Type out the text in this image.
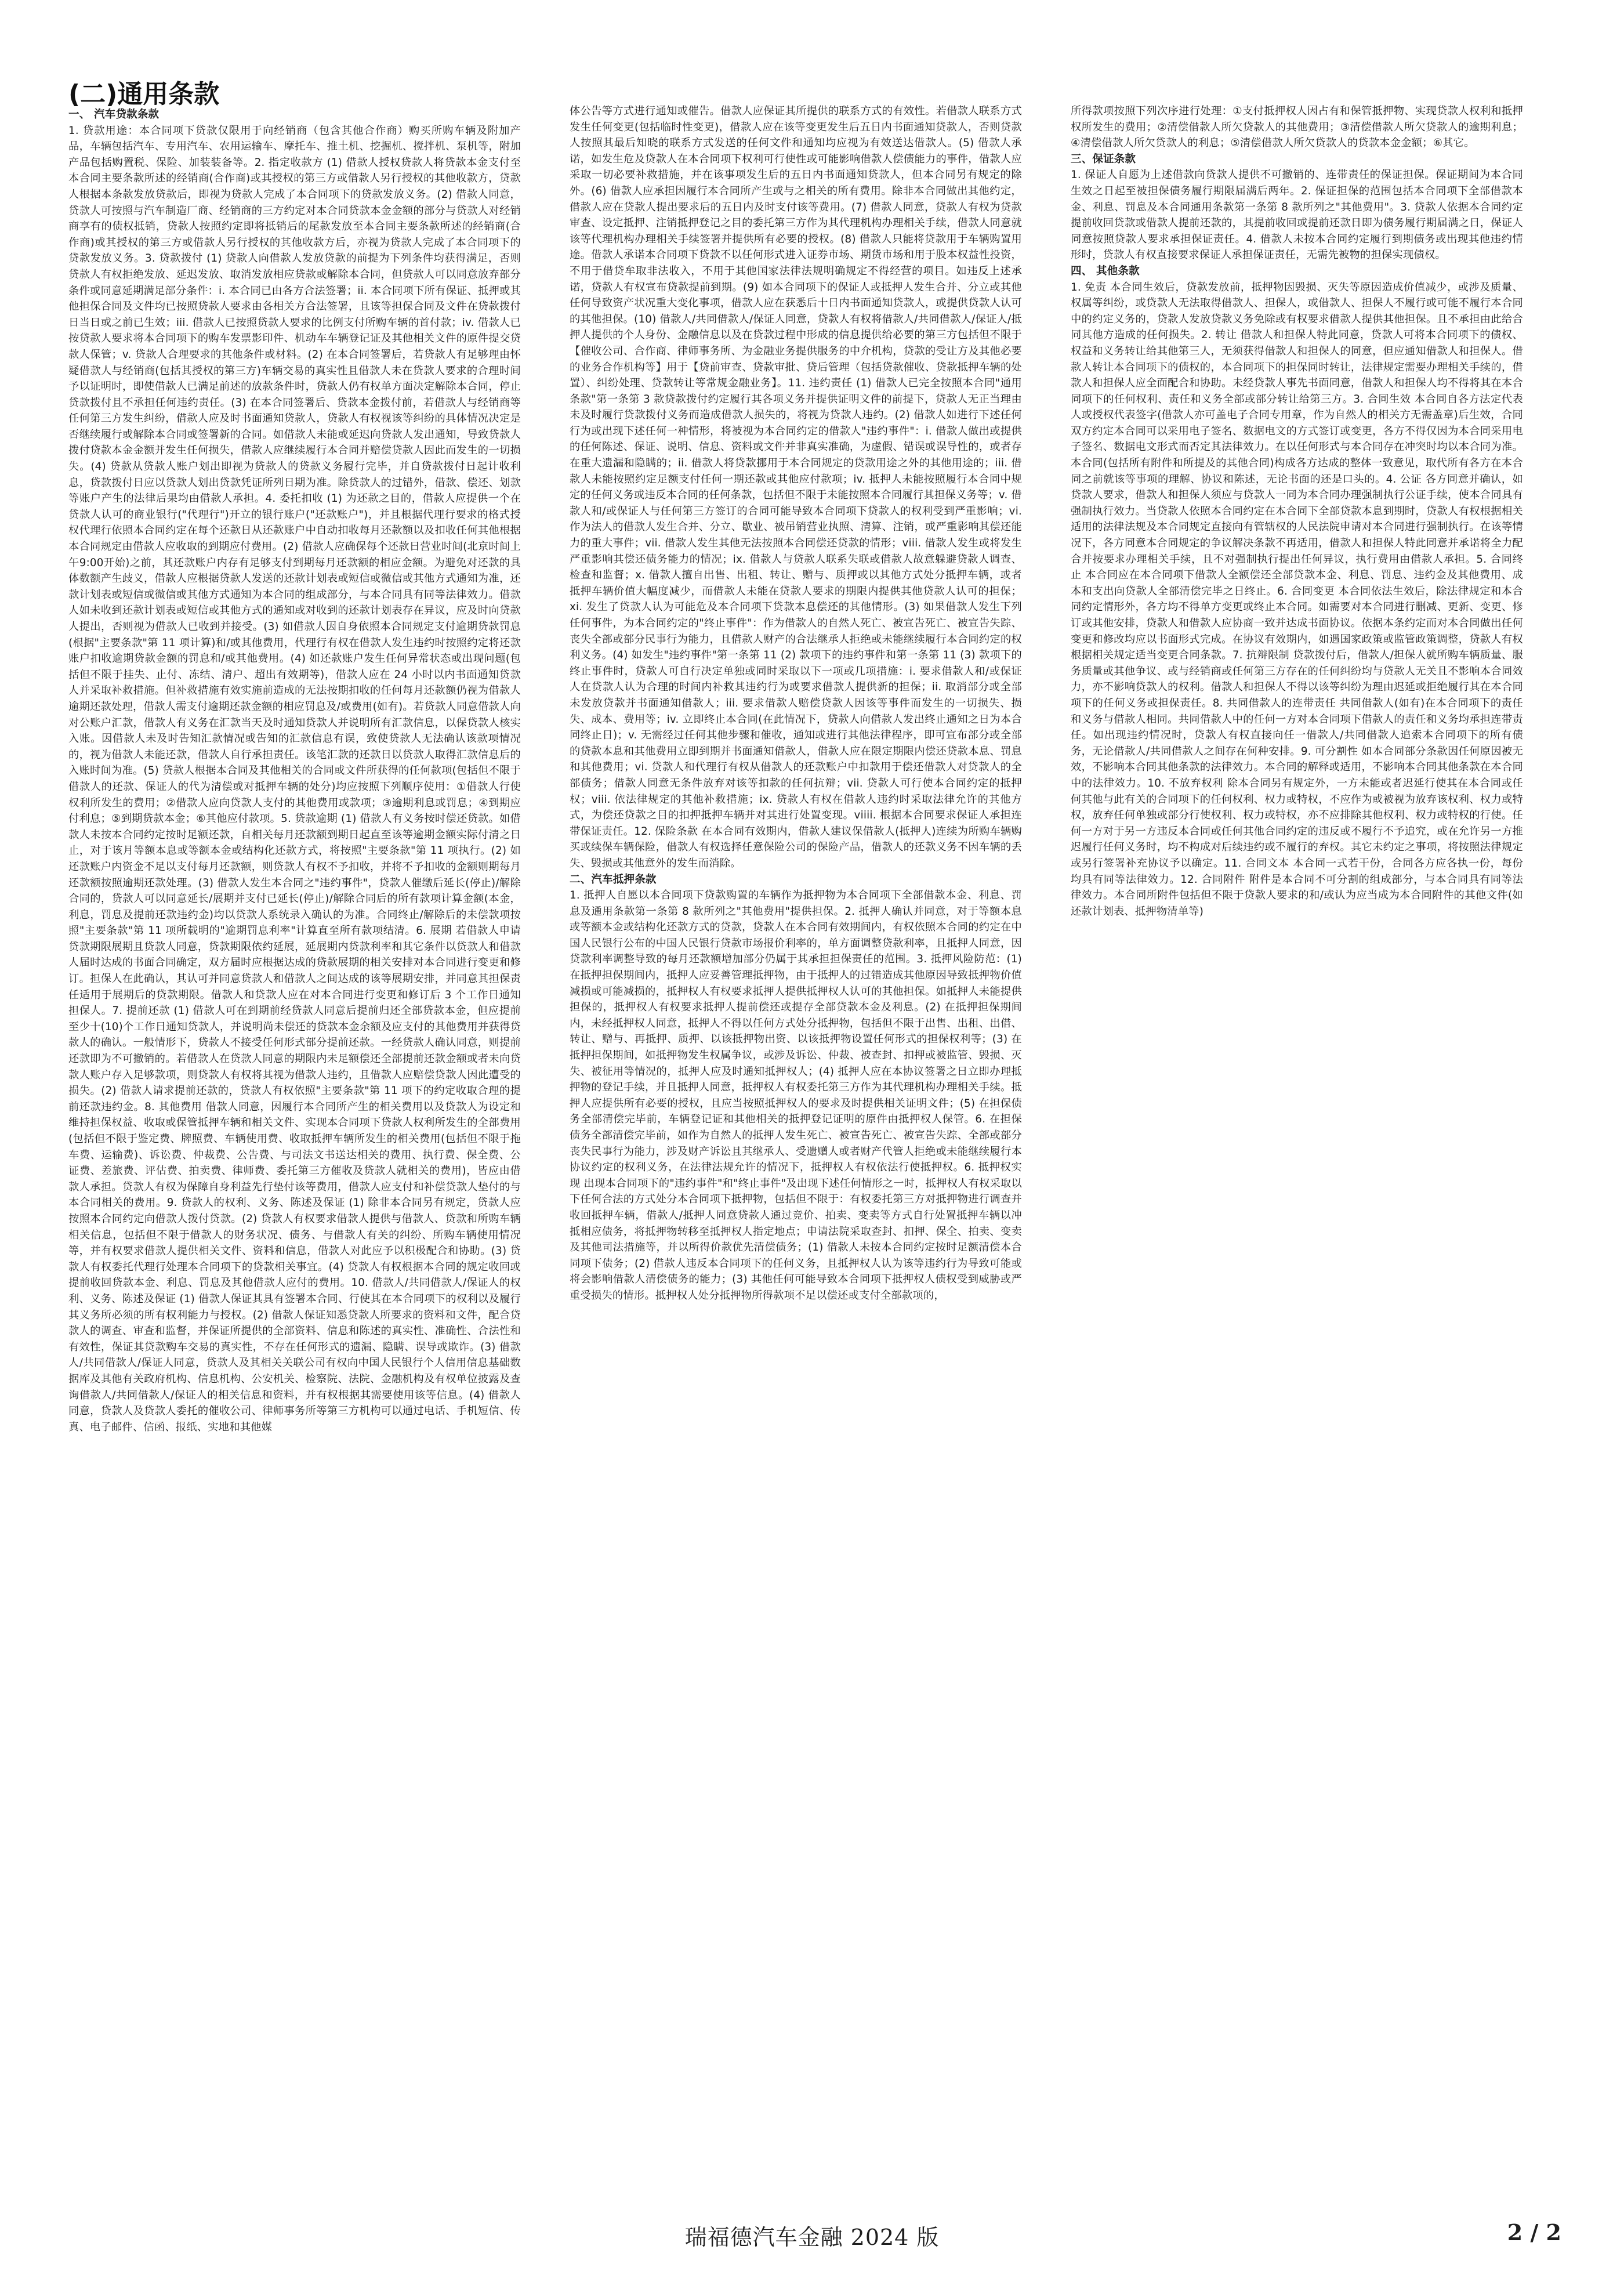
(二)通用条款
一、 汽车贷款条款

1. 贷款用途：本合同项下贷款仅限用于向经销商（包含其他合作商）购买所购车辆及附加产品，车辆包括汽车、专用汽车、农用运输车、摩托车、推土机、挖掘机、搅拌机、泵机等，附加产品包括购置税、保险、加装装备等。2. 指定收款方 (1) 借款人授权贷款人将贷款本金支付至本合同主要条款所述的经销商(合作商)或其授权的第三方或借款人另行授权的其他收款方，贷款人根据本条款发放贷款后，即视为贷款人完成了本合同项下的贷款发放义务。(2) 借款人同意，贷款人可按照与汽车制造厂商、经销商的三方约定对本合同贷款本金金额的部分与贷款人对经销商享有的债权抵销，贷款人按照约定即将抵销后的尾款发放至本合同主要条款所述的经销商(合作商)或其授权的第三方或借款人另行授权的其他收款方后，亦视为贷款人完成了本合同项下的贷款发放义务。3. 贷款拨付 (1) 贷款人向借款人发放贷款的前提为下列条件均获得满足，否则贷款人有权拒绝发放、延迟发放、取消发放相应贷款或解除本合同，但贷款人可以同意放弃部分条件或同意延期满足部分条件：i. 本合同已由各方合法签署；ii. 本合同项下所有保证、抵押或其他担保合同及文件均已按照贷款人要求由各相关方合法签署，且该等担保合同及文件在贷款拨付日当日或之前已生效；iii. 借款人已按照贷款人要求的比例支付所购车辆的首付款；iv. 借款人已按贷款人要求将本合同项下的购车发票影印件、机动车车辆登记证及其他相关文件的原件提交贷款人保管；v. 贷款人合理要求的其他条件或材料。(2) 在本合同签署后，若贷款人有足够理由怀疑借款人与经销商(包括其授权的第三方)车辆交易的真实性且借款人未在贷款人要求的合理时间予以证明时，即使借款人已满足前述的放款条件时，贷款人仍有权单方面决定解除本合同，停止贷款拨付且不承担任何违约责任。(3) 在本合同签署后、贷款本金拨付前，若借款人与经销商等任何第三方发生纠纷，借款人应及时书面通知贷款人，贷款人有权视该等纠纷的具体情况决定是否继续履行或解除本合同或签署新的合同。如借款人未能或延迟向贷款人发出通知，导致贷款人拨付贷款本金金额并发生任何损失，借款人应继续履行本合同并赔偿贷款人因此而发生的一切损失。(4) 贷款从贷款人账户划出即视为贷款人的贷款义务履行完毕，并自贷款拨付日起计收利息，贷款拨付日应以贷款人划出贷款凭证所列日期为准。除贷款人的过错外，借款、偿还、划款等账户产生的法律后果均由借款人承担。4. 委托扣收 (1) 为还款之目的，借款人应提供一个在贷款人认可的商业银行("代理行")开立的银行账户("还款账户")，并且根据代理行要求的格式授权代理行依照本合同约定在每个还款日从还款账户中自动扣收每月还款额以及扣收任何其他根据本合同规定由借款人应收取的到期应付费用。(2) 借款人应确保每个还款日营业时间(北京时间上午9:00开始)之前，其还款账户内存有足够支付到期每月还款额的相应金额。为避免对还款的具体数额产生歧义，借款人应根据贷款人发送的还款计划表或短信或微信或其他方式通知为准，还款计划表或短信或微信或其他方式通知为本合同的组成部分，与本合同具有同等法律效力。借款人如未收到还款计划表或短信或其他方式的通知或对收到的还款计划表存在异议，应及时向贷款人提出，否则视为借款人已收到并接受。(3) 如借款人因自身依照本合同规定支付逾期贷款罚息(根据"主要条款"第 11 项计算)和/或其他费用，代理行有权在借款人发生违约时按照约定将还款账户扣收逾期贷款金额的罚息和/或其他费用。(4) 如还款账户发生任何异常状态或出现问题(包括但不限于挂失、止付、冻结、清户、超出有效期等)，借款人应在 24 小时以内书面通知贷款人并采取补救措施。但补救措施有效实施前造成的无法按期扣收的任何每月还款额仍视为借款人逾期还款处理，借款人需支付逾期还款金额的相应罚息及/或费用(如有)。若贷款人同意借款人向对公账户汇款，借款人有义务在汇款当天及时通知贷款人并说明所有汇款信息，以保贷款人核实入账。因借款人未及时告知汇款情况或告知的汇款信息有误，致使贷款人无法确认该款项情况的，视为借款人未能还款，借款人自行承担责任。该笔汇款的还款日以贷款人取得汇款信息后的入账时间为准。(5) 贷款人根据本合同及其他相关的合同或文件所获得的任何款项(包括但不限于借款人的还款、保证人的代为清偿或对抵押车辆的处分)均应按照下列顺序使用：①借款人行使权利所发生的费用；②借款人应向贷款人支付的其他费用或款项；③逾期利息或罚息；④到期应付利息；⑤到期贷款本金；⑥其他应付款项。5. 贷款逾期 (1) 借款人有义务按时偿还贷款。如借款人未按本合同约定按时足额还款，自相关每月还款额到期日起直至该等逾期金额实际付清之日止，对于该月等额本息或等额本金或结构化还款方式，将按照"主要条款"第 11 项执行。(2) 如还款账户内资金不足以支付每月还款额，则贷款人有权不予扣收，并将不予扣收的金额则期每月还款额按照逾期还款处理。(3) 借款人发生本合同之"违约事件"，贷款人催缴后延长(停止)/解除合同的，贷款人可以同意延长/展期并支付已延长(停止)/解除合同后的所有款项计算金额(本金，利息，罚息及提前还款违约金)均以贷款人系统录入确认的为准。合同终止/解除后的未偿款项按照"主要条款"第 11 项所载明的"逾期罚息利率"计算直至所有款项结清。6. 展期 若借款人申请贷款期限展期且贷款人同意，贷款期限依约延展，延展期内贷款利率和其它条件以贷款人和借款人届时达成的书面合同确定，双方届时应根据达成的贷款展期的相关安排对本合同进行变更和修订。担保人在此确认，其认可并同意贷款人和借款人之间达成的该等展期安排，并同意其担保责任适用于展期后的贷款期限。借款人和贷款人应在对本合同进行变更和修订后 3 个工作日通知担保人。7. 提前还款 (1) 借款人可在到期前经贷款人同意后提前归还全部贷款本金，但应提前至少十(10)个工作日通知贷款人，并说明尚未偿还的贷款本金余额及应支付的其他费用并获得贷款人的确认。一般情形下，贷款人不接受任何形式部分提前还款。一经贷款人确认同意，则提前还款即为不可撤销的。若借款人在贷款人同意的期限内未足额偿还全部提前还款金额或者未向贷款人账户存入足够款项，则贷款人有权将其视为借款人违约，且借款人应赔偿贷款人因此遭受的损失。(2) 借款人请求提前还款的，贷款人有权依照"主要条款"第 11 项下的约定收取合理的提前还款违约金。8. 其他费用 借款人同意，因履行本合同所产生的相关费用以及贷款人为设定和维持担保权益、收取或保管抵押车辆和相关文件、实现本合同项下贷款人权利所发生的全部费用(包括但不限于鉴定费、牌照费、车辆使用费、收取抵押车辆所发生的相关费用(包括但不限于拖车费、运输费)、诉讼费、仲裁费、公告费、与司法文书送达相关的费用、执行费、保全费、公证费、差旅费、评估费、拍卖费、律师费、委托第三方催收及贷款人就相关的费用)，皆应由借款人承担。贷款人有权为保障自身利益先行垫付该等费用，借款人应支付和补偿贷款人垫付的与本合同相关的费用。9. 贷款人的权利、义务、陈述及保证 (1) 除非本合同另有规定，贷款人应按照本合同约定向借款人拨付贷款。(2) 贷款人有权要求借款人提供与借款人、贷款和所购车辆相关信息，包括但不限于借款人的财务状况、债务、与借款人有关的纠纷、所购车辆使用情况等，并有权要求借款人提供相关文件、资料和信息，借款人对此应予以积极配合和协助。(3) 贷款人有权委托代理行处理本合同项下的贷款相关事宜。(4) 贷款人有权根据本合同的规定收回或提前收回贷款本金、利息、罚息及其他借款人应付的费用。10. 借款人/共同借款人/保证人的权利、义务、陈述及保证 (1) 借款人保证其具有签署本合同、行使其在本合同项下的权利以及履行其义务所必须的所有权利能力与授权。(2) 借款人保证知悉贷款人所要求的资料和文件，配合贷款人的调查、审查和监督，并保证所提供的全部资料、信息和陈述的真实性、准确性、合法性和有效性，保证其贷款购车交易的真实性，不存在任何形式的遗漏、隐瞒、误导或欺诈。(3) 借款人/共同借款人/保证人同意，贷款人及其相关关联公司有权向中国人民银行个人信用信息基础数据库及其他有关政府机构、信息机构、公安机关、检察院、法院、金融机构及有权单位披露及查询借款人/共同借款人/保证人的相关信息和资料，并有权根据其需要使用该等信息。(4) 借款人同意，贷款人及贷款人委托的催收公司、律师事务所等第三方机构可以通过电话、手机短信、传真、电子邮件、信函、报纸、实地和其他媒

体公告等方式进行通知或催告。借款人应保证其所提供的联系方式的有效性。若借款人联系方式发生任何变更(包括临时性变更)，借款人应在该等变更发生后五日内书面通知贷款人，否则贷款人按照其最后知晓的联系方式发送的任何文件和通知均应视为有效送达借款人。(5) 借款人承诺，如发生危及贷款人在本合同项下权利可行使性或可能影响借款人偿债能力的事件，借款人应采取一切必要补救措施，并在该事项发生后的五日内书面通知贷款人，但本合同另有规定的除外。(6) 借款人应承担因履行本合同所产生或与之相关的所有费用。除非本合同做出其他约定，借款人应在贷款人提出要求后的五日内及时支付该等费用。(7) 借款人同意，贷款人有权为贷款审查、设定抵押、注销抵押登记之目的委托第三方作为其代理机构办理相关手续，借款人同意就该等代理机构办理相关手续签署并提供所有必要的授权。(8) 借款人只能将贷款用于车辆购置用途。借款人承诺本合同项下贷款不以任何形式进入证券市场、期货市场和用于股本权益性投资，不用于借贷牟取非法收入，不用于其他国家法律法规明确规定不得经营的项目。如违反上述承诺，贷款人有权宣布贷款提前到期。(9) 如本合同项下的保证人或抵押人发生合并、分立或其他任何导致资产状况重大变化事项，借款人应在获悉后十日内书面通知贷款人，或提供贷款人认可的其他担保。(10) 借款人/共同借款人/保证人同意，贷款人有权将借款人/共同借款人/保证人/抵押人提供的个人身份、金融信息以及在贷款过程中形成的信息提供给必要的第三方包括但不限于【催收公司、合作商、律师事务所、为金融业务提供服务的中介机构，贷款的受让方及其他必要的业务合作机构等】用于【贷前审查、贷款审批、贷后管理（包括贷款催收、贷款抵押车辆的处置）、纠纷处理、贷款转让等常规金融业务】。11. 违约责任 (1) 借款人已完全按照本合同"通用条款"第一条第 3 款贷款拨付约定履行其各项义务并提供证明文件的前提下，贷款人无正当理由未及时履行贷款拨付义务而造成借款人损失的，将视为贷款人违约。(2) 借款人如进行下述任何行为或出现下述任何一种情形，将被视为本合同约定的借款人"违约事件"：i. 借款人做出或提供的任何陈述、保证、说明、信息、资料或文件并非真实准确，为虚假、错误或误导性的，或者存在重大遗漏和隐瞒的；ii. 借款人将贷款挪用于本合同规定的贷款用途之外的其他用途的；iii. 借款人未能按照约定足额支付任何一期还款或其他应付款项；iv. 抵押人未能按照履行本合同中规定的任何义务或违反本合同的任何条款，包括但不限于未能按照本合同履行其担保义务等；v. 借款人和/或保证人与任何第三方签订的合同可能导致本合同项下贷款人的权利受到严重影响；vi. 作为法人的借款人发生合并、分立、歇业、被吊销营业执照、清算、注销，或严重影响其偿还能力的重大事件；vii. 借款人发生其他无法按照本合同偿还贷款的情形；viii. 借款人发生或将发生严重影响其偿还债务能力的情况；ix. 借款人与贷款人联系失联或借款人故意躲避贷款人调查、检查和监督；x. 借款人擅自出售、出租、转让、赠与、质押或以其他方式处分抵押车辆，或者抵押车辆价值大幅度减少，而借款人未能在贷款人要求的期限内提供其他贷款人认可的担保；xi. 发生了贷款人认为可能危及本合同项下贷款本息偿还的其他情形。(3) 如果借款人发生下列任何事件，为本合同约定的"终止事件"：作为借款人的自然人死亡、被宣告死亡、被宣告失踪、丧失全部或部分民事行为能力，且借款人财产的合法继承人拒绝或未能继续履行本合同约定的权利义务。(4) 如发生"违约事件"第一条第 11 (2) 款项下的违约事件和第一条第 11 (3) 款项下的终止事件时，贷款人可自行决定单独或同时采取以下一项或几项措施：i. 要求借款人和/或保证人在贷款人认为合理的时间内补救其违约行为或要求借款人提供新的担保；ii. 取消部分或全部未发放贷款并书面通知借款人；iii. 要求借款人赔偿贷款人因该等事件而发生的一切损失、损失、成本、费用等；iv. 立即终止本合同(在此情况下，贷款人向借款人发出终止通知之日为本合同终止日)；v. 无需经过任何其他步骤和催收，通知或进行其他法律程序，即可宣布部分或全部的贷款本息和其他费用立即到期并书面通知借款人，借款人应在限定期限内偿还贷款本息、罚息和其他费用；vi. 贷款人和代理行有权从借款人的还款账户中扣款用于偿还借款人对贷款人的全部债务；借款人同意无条件放弃对该等扣款的任何抗辩；vii. 贷款人可行使本合同约定的抵押权；viii. 依法律规定的其他补救措施；ix. 贷款人有权在借款人违约时采取法律允许的其他方式，为偿还贷款之目的扣押抵押车辆并对其进行处置变现。viiii. 根据本合同要求保证人承担连带保证责任。12. 保险条款 在本合同有效期内，借款人建议保借款人(抵押人)连续为所购车辆购买或续保车辆保险，借款人有权选择任意保险公司的保险产品，借款人的还款义务不因车辆的丢失、毁损或其他意外的发生而消除。

二、汽车抵押条款

1. 抵押人自愿以本合同项下贷款购置的车辆作为抵押物为本合同项下全部借款本金、利息、罚息及通用条款第一条第 8 款所列之"其他费用"提供担保。2. 抵押人确认并同意，对于等额本息或等额本金或结构化还款方式的贷款，贷款人在本合同有效期间内，有权依照本合同的约定在中国人民银行公布的中国人民银行贷款市场报价利率的，单方面调整贷款利率，且抵押人同意，因贷款利率调整导致的每月还款额增加部分仍属于其承担担保责任的范围。3. 抵押风险防范：(1) 在抵押担保期间内，抵押人应妥善管理抵押物，由于抵押人的过错造成其他原因导致抵押物价值减损或可能减损的，抵押权人有权要求抵押人提供抵押权人认可的其他担保。如抵押人未能提供担保的，抵押权人有权要求抵押人提前偿还或提存全部贷款本金及利息。(2) 在抵押担保期间内，未经抵押权人同意，抵押人不得以任何方式处分抵押物，包括但不限于出售、出租、出借、转让、赠与、再抵押、质押、以该抵押物出资、以该抵押物设置任何形式的担保权利等；(3) 在抵押担保期间，如抵押物发生权属争议，或涉及诉讼、仲裁、被查封、扣押或被监管、毁损、灭失、被征用等情况的，抵押人应及时通知抵押权人；(4) 抵押人应在本协议签署之日立即办理抵押物的登记手续，并且抵押人同意，抵押权人有权委托第三方作为其代理机构办理相关手续。抵押人应提供所有必要的授权，且应当按照抵押权人的要求及时提供相关证明文件；(5) 在担保债务全部清偿完毕前，车辆登记证和其他相关的抵押登记证明的原件由抵押权人保管。6. 在担保债务全部清偿完毕前，如作为自然人的抵押人发生死亡、被宣告死亡、被宣告失踪、全部或部分丧失民事行为能力，涉及财产诉讼且其继承人、受遗赠人或者财产代管人拒绝或未能继续履行本协议约定的权利义务，在法律法规允许的情况下，抵押权人有权依法行使抵押权。6. 抵押权实现 出现本合同项下的"违约事件"和"终止事件"及出现下述任何情形之一时，抵押权人有权采取以下任何合法的方式处分本合同项下抵押物，包括但不限于：有权委托第三方对抵押物进行调查并收回抵押车辆，借款人/抵押人同意贷款人通过竞价、拍卖、变卖等方式自行处置抵押车辆以冲抵相应债务，将抵押物转移至抵押权人指定地点；申请法院采取查封、扣押、保全、拍卖、变卖及其他司法措施等，并以所得价款优先清偿债务；(1) 借款人未按本合同约定按时足额清偿本合同项下债务；(2) 借款人违反本合同项下的任何义务，且抵押权人认为该等违约行为导致可能或将会影响借款人清偿债务的能力；(3) 其他任何可能导致本合同项下抵押权人债权受到威胁或严重受损失的情形。抵押权人处分抵押物所得款项不足以偿还或支付全部款项的，

所得款项按照下列次序进行处理：①支付抵押权人因占有和保管抵押物、实现贷款人权利和抵押权所发生的费用；②清偿借款人所欠贷款人的其他费用；③清偿借款人所欠贷款人的逾期利息；④清偿借款人所欠贷款人的利息；⑤清偿借款人所欠贷款人的贷款本金金额；⑥其它。

三、保证条款

1. 保证人自愿为上述借款向贷款人提供不可撤销的、连带责任的保证担保。保证期间为本合同生效之日起至被担保债务履行期限届满后两年。2. 保证担保的范围包括本合同项下全部借款本金、利息、罚息及本合同通用条款第一条第 8 款所列之"其他费用"。3. 贷款人依据本合同约定提前收回贷款或借款人提前还款的，其提前收回或提前还款日即为债务履行期届满之日，保证人同意按照贷款人要求承担保证责任。4. 借款人未按本合同约定履行到期债务或出现其他违约情形时，贷款人有权直接要求保证人承担保证责任，无需先被物的担保实现债权。

四、 其他条款

1. 免责 本合同生效后，贷款发放前，抵押物因毁损、灭失等原因造成价值减少，或涉及质量、权属等纠纷，或贷款人无法取得借款人、担保人，或借款人、担保人不履行或可能不履行本合同中的约定义务的，贷款人发放贷款义务免除或有权要求借款人提供其他担保。且不承担由此给合同其他方造成的任何损失。2. 转让 借款人和担保人特此同意，贷款人可将本合同项下的债权、权益和义务转让给其他第三人，无须获得借款人和担保人的同意，但应通知借款人和担保人。借款人转让本合同项下的债权的，本合同项下的担保同时转让，法律规定需要办理相关手续的，借款人和担保人应全面配合和协助。未经贷款人事先书面同意，借款人和担保人均不得将其在本合同项下的任何权利、责任和义务全部或部分转让给第三方。3. 合同生效 本合同自各方法定代表人或授权代表签字(借款人亦可盖电子合同专用章，作为自然人的相关方无需盖章)后生效，合同双方约定本合同可以采用电子签名、数据电文的方式签订或变更，各方不得仅因为本合同采用电子签名、数据电文形式而否定其法律效力。在以任何形式与本合同存在冲突时均以本合同为准。本合同(包括所有附件和所提及的其他合同)构成各方达成的整体一致意见，取代所有各方在本合同之前就该等事项的理解、协议和陈述，无论书面的还是口头的。4. 公证 各方同意并确认，如贷款人要求，借款人和担保人须应与贷款人一同为本合同办理强制执行公证手续，使本合同具有强制执行效力。当贷款人依照本合同约定在本合同下全部贷款本息到期时，贷款人有权根据相关适用的法律法规及本合同规定直接向有管辖权的人民法院申请对本合同进行强制执行。在该等情况下，各方同意本合同规定的争议解决条款不再适用，借款人和担保人特此同意并承诺将全力配合并按要求办理相关手续，且不对强制执行提出任何异议，执行费用由借款人承担。5. 合同终止 本合同应在本合同项下借款人全额偿还全部贷款本金、利息、罚息、违约金及其他费用、成本和支出向贷款人全部清偿完毕之日终止。6. 合同变更 本合同依法生效后，除法律规定和本合同约定情形外，各方均不得单方变更或终止本合同。如需要对本合同进行删减、更新、变更、修订或其他安排，贷款人和借款人应协商一致并达成书面协议。依据本条约定而对本合同做出任何变更和修改均应以书面形式完成。在协议有效期内，如遇国家政策或监管政策调整，贷款人有权根据相关规定适当变更合同条款。7. 抗辩限制 贷款拨付后，借款人/担保人就所购车辆质量、服务质量或其他争议、或与经销商或任何第三方存在的任何纠纷均与贷款人无关且不影响本合同效力，亦不影响贷款人的权利。借款人和担保人不得以该等纠纷为理由迟延或拒绝履行其在本合同项下的任何义务或担保责任。8. 共同借款人的连带责任 共同借款人(如有)在本合同项下的责任和义务与借款人相同。共同借款人中的任何一方对本合同项下借款人的责任和义务均承担连带责任。如出现违约情况时，贷款人有权直接向任一借款人/共同借款人追索本合同项下的所有债务，无论借款人/共同借款人之间存在何种安排。9. 可分割性 如本合同部分条款因任何原因被无效，不影响本合同其他条款的法律效力。本合同的解释或适用，不影响本合同其他条款在本合同中的法律效力。10. 不放弃权利 除本合同另有规定外，一方未能或者迟延行使其在本合同或任何其他与此有关的合同项下的任何权利、权力或特权，不应作为或被视为放弃该权利、权力或特权，放弃任何单独或部分行使权利、权力或特权，亦不应排除其他权利、权力或特权的行使。任何一方对于另一方违反本合同或任何其他合同约定的违反或不履行不予追究，或在允许另一方推迟履行任何义务时，均不构成对后续违约或不履行的弃权。其它未约定之事项，将按照法律规定或另行签署补充协议予以确定。11. 合同文本 本合同一式若干份，合同各方应各执一份，每份均具有同等法律效力。12. 合同附件 附件是本合同不可分割的组成部分，与本合同具有同等法律效力。本合同所附件包括但不限于贷款人要求的和/或认为应当成为本合同附件的其他文件(如还款计划表、抵押物清单等)

瑞福德汽车金融 2024 版	2 / 2
